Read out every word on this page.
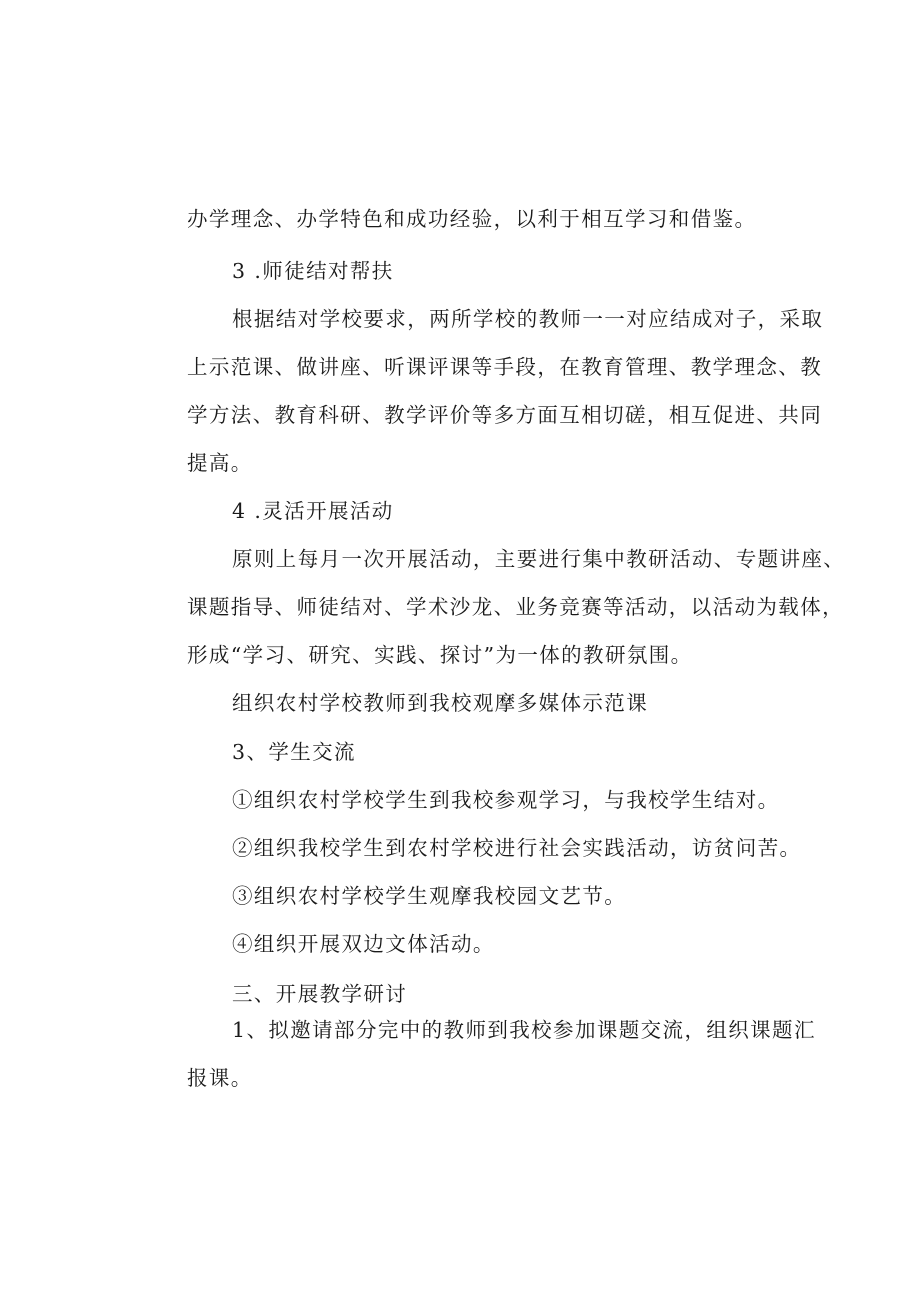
办学理念、办学特色和成功经验，以利于相互学习和借鉴。
3 .师徒结对帮扶
根据结对学校要求，两所学校的教师一一对应结成对子，采取
上示范课、做讲座、听课评课等手段，在教育管理、教学理念、教
学方法、教育科研、教学评价等多方面互相切磋，相互促进、共同
提高。
4 .灵活开展活动
原则上每月一次开展活动，主要进行集中教研活动、专题讲座、
课题指导、师徒结对、学术沙龙、业务竞赛等活动，以活动为载体，
形成“学习、研究、实践、探讨”为一体的教研氛围。
组织农村学校教师到我校观摩多媒体示范课
3、学生交流
①组织农村学校学生到我校参观学习，与我校学生结对。
②组织我校学生到农村学校进行社会实践活动，访贫问苦。
③组织农村学校学生观摩我校园文艺节。
④组织开展双边文体活动。
三、开展教学研讨
1、拟邀请部分完中的教师到我校参加课题交流，组织课题汇
报课。
